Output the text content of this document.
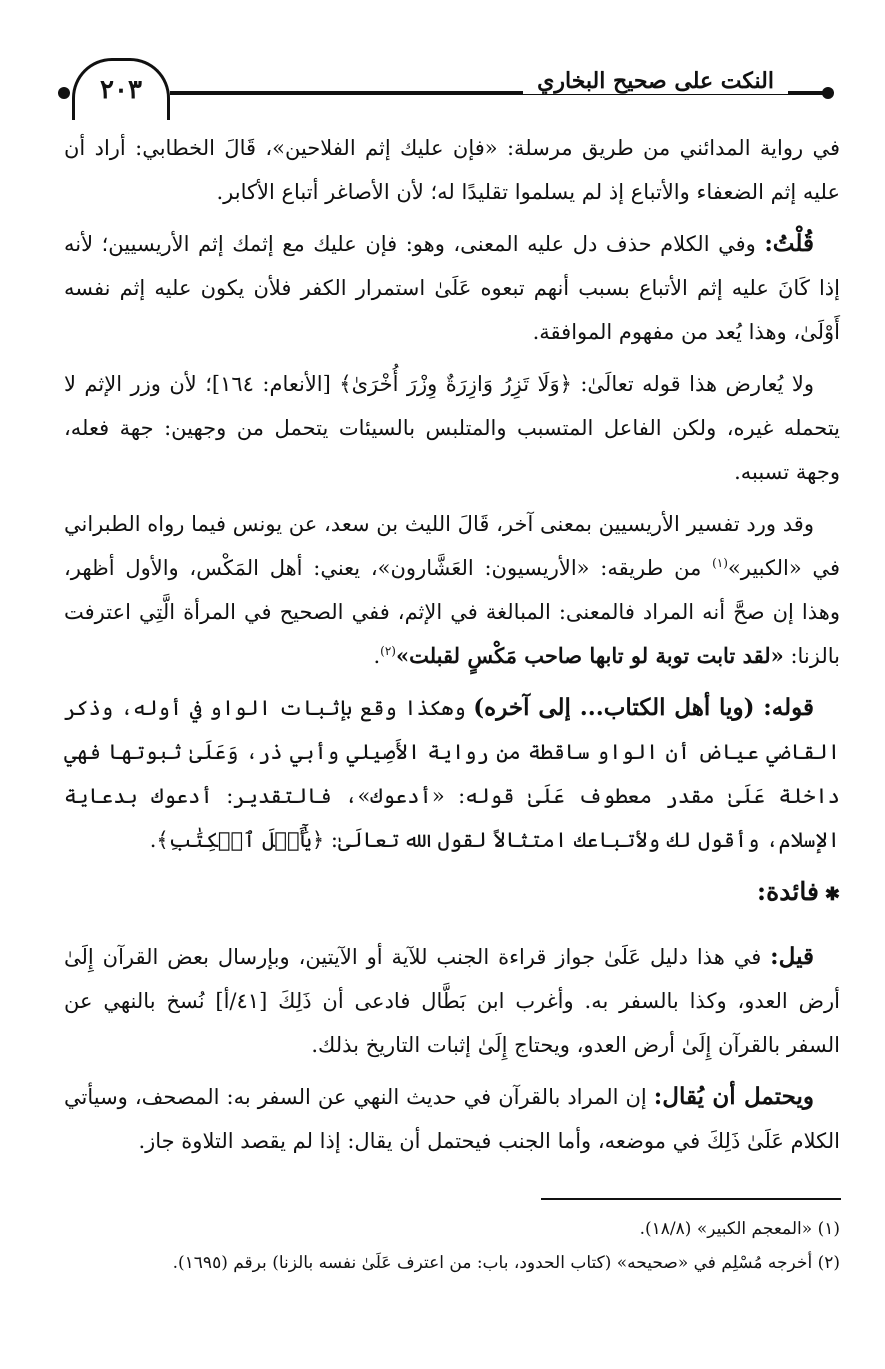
النكت على صحيح البخاري
٢٠٣

في رواية المدائني من طريق مرسلة: «فإن عليك إثم الفلاحين»، قَالَ الخطابي: أراد أن عليه إثم الضعفاء والأتباع إذ لم يسلموا تقليدًا له؛ لأن الأصاغر أتباع الأكابر.

قُلْتُ: وفي الكلام حذف دل عليه المعنى، وهو: فإن عليك مع إثمك إثم الأريسيين؛ لأنه إذا كَانَ عليه إثم الأتباع بسبب أنهم تبعوه عَلَىٰ استمرار الكفر فلأن يكون عليه إثم نفسه أَوْلَىٰ، وهذا يُعد من مفهوم الموافقة.

ولا يُعارض هذا قوله تعالَىٰ: ﴿وَلَا تَزِرُ وَازِرَةٌ وِزْرَ أُخْرَىٰ﴾ [الأنعام: ١٦٤]؛ لأن وزر الإثم لا يتحمله غيره، ولكن الفاعل المتسبب والمتلبس بالسيئات يتحمل من وجهين: جهة فعله، وجهة تسببه.

وقد ورد تفسير الأريسيين بمعنى آخر، قَالَ الليث بن سعد، عن يونس فيما رواه الطبراني في «الكبير»$^{(١)}$ من طريقه: «الأريسيون: العَشَّارون»، يعني: أهل المَكْس، والأول أظهر، وهذا إن صحَّ أنه المراد فالمعنى: المبالغة في الإثم، ففي الصحيح في المرأة الَّتِي اعترفت بالزنا: «لقد تابت توبة لو تابها صاحب مَكْسٍ لقبلت»$^{(٢)}$.

قوله: (ويا أهل الكتاب... إلى آخره) وهكذا وقع بإثبات الواو في أوله، وذكر القاضي عياض أن الواو ساقطة من رواية الأَصِيلي وأبي ذر، وَعَلَىٰ ثبوتها فهي داخلة عَلَىٰ مقدر معطوف عَلَىٰ قوله: «أدعوك»، فالتقدير: أدعوك بدعاية الإسلام، وأقول لك ولأتباعك امتثالاً لقول الله تعالَىٰ: ﴿يَٰٓأَهۡلَ ٱلۡكِتَٰبِ﴾.

✱فائدة:

قيل: في هذا دليل عَلَىٰ جواز قراءة الجنب للآية أو الآيتين، وبإرسال بعض القرآن إِلَىٰ أرض العدو، وكذا بالسفر به. وأغرب ابن بَطَّال فادعى أن ذَلِكَ [٤١/أ] نُسخ بالنهي عن السفر بالقرآن إِلَىٰ أرض العدو، ويحتاج إِلَىٰ إثبات التاريخ بذلك.

ويحتمل أن يُقال: إن المراد بالقرآن في حديث النهي عن السفر به: المصحف، وسيأتي الكلام عَلَىٰ ذَلِكَ في موضعه، وأما الجنب فيحتمل أن يقال: إذا لم يقصد التلاوة جاز.

(١) «المعجم الكبير» (١٨/٨).

(٢) أخرجه مُسْلِم في «صحيحه» (كتاب الحدود، باب: من اعترف عَلَىٰ نفسه بالزنا) برقم (١٦٩٥).
